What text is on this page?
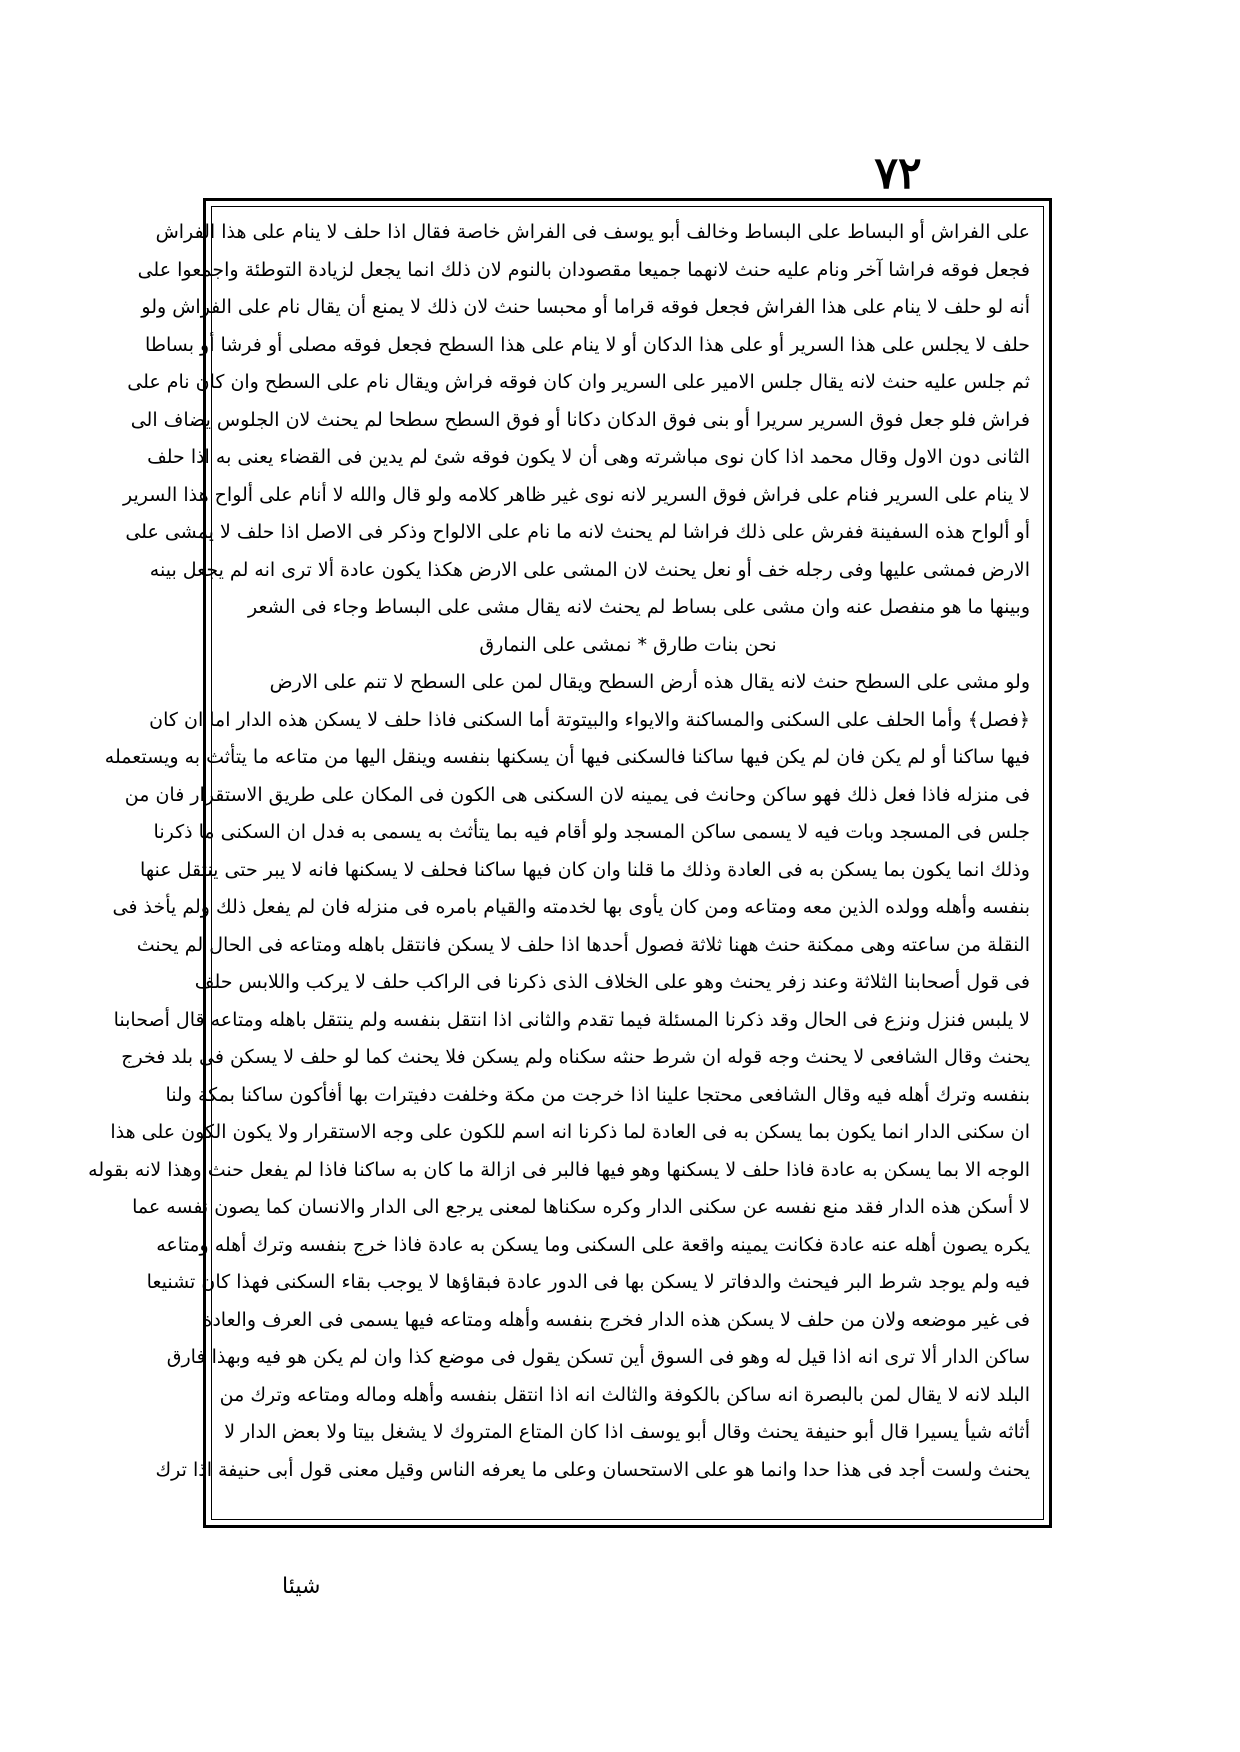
۷۲
على الفراش أو البساط على البساط وخالف أبو يوسف فى الفراش خاصة فقال اذا حلف لا ينام على هذا الفراش
فجعل فوقه فراشا آخر ونام عليه حنث لانهما جميعا مقصودان بالنوم لان ذلك انما يجعل لزيادة التوطئة واجمعوا على
أنه لو حلف لا ينام على هذا الفراش فجعل فوقه قراما أو محبسا حنث لان ذلك لا يمنع أن يقال نام على الفراش ولو
حلف لا يجلس على هذا السرير أو على هذا الدكان أو لا ينام على هذا السطح فجعل فوقه مصلى أو فرشا أو بساطا
ثم جلس عليه حنث لانه يقال جلس الامير على السرير وان كان فوقه فراش ويقال نام على السطح وان كان نام على
فراش فلو جعل فوق السرير سريرا أو بنى فوق الدكان دكانا أو فوق السطح سطحا لم يحنث لان الجلوس يضاف الى
الثانى دون الاول وقال محمد اذا كان نوى مباشرته وهى أن لا يكون فوقه شئ لم يدين فى القضاء يعنى به اذا حلف
لا ينام على السرير فنام على فراش فوق السرير لانه نوى غير ظاهر كلامه ولو قال والله لا أنام على ألواح هذا السرير
أو ألواح هذه السفينة ففرش على ذلك فراشا لم يحنث لانه ما نام على الالواح وذكر فى الاصل اذا حلف لا يمشى على
الارض فمشى عليها وفى رجله خف أو نعل يحنث لان المشى على الارض هكذا يكون عادة ألا ترى انه لم يجعل بينه
وبينها ما هو منفصل عنه وان مشى على بساط لم يحنث لانه يقال مشى على البساط وجاء فى الشعر
نحن بنات طارق * نمشى على النمارق
ولو مشى على السطح حنث لانه يقال هذه أرض السطح ويقال لمن على السطح لا تنم على الارض
﴿فصل﴾ وأما الحلف على السكنى والمساكنة والايواء والبيتوتة أما السكنى فاذا حلف لا يسكن هذه الدار اما ان كان
فيها ساكنا أو لم يكن فان لم يكن فيها ساكنا فالسكنى فيها أن يسكنها بنفسه وينقل اليها من متاعه ما يتأثث به ويستعمله
فى منزله فاذا فعل ذلك فهو ساكن وحانث فى يمينه لان السكنى هى الكون فى المكان على طريق الاستقرار فان من
جلس فى المسجد وبات فيه لا يسمى ساكن المسجد ولو أقام فيه بما يتأثث به يسمى به فدل ان السكنى ما ذكرنا
وذلك انما يكون بما يسكن به فى العادة وذلك ما قلنا وان كان فيها ساكنا فحلف لا يسكنها فانه لا يبر حتى ينتقل عنها
بنفسه وأهله وولده الذين معه ومتاعه ومن كان يأوى بها لخدمته والقيام بامره فى منزله فان لم يفعل ذلك ولم يأخذ فى
النقلة من ساعته وهى ممكنة حنث ههنا ثلاثة فصول أحدها اذا حلف لا يسكن فانتقل باهله ومتاعه فى الحال لم يحنث
فى قول أصحابنا الثلاثة وعند زفر يحنث وهو على الخلاف الذى ذكرنا فى الراكب حلف لا يركب واللابس حلف
لا يلبس فنزل ونزع فى الحال وقد ذكرنا المسئلة فيما تقدم والثانى اذا انتقل بنفسه ولم ينتقل باهله ومتاعه قال أصحابنا
يحنث وقال الشافعى لا يحنث وجه قوله ان شرط حنثه سكناه ولم يسكن فلا يحنث كما لو حلف لا يسكن فى بلد فخرج
بنفسه وترك أهله فيه وقال الشافعى محتجا علينا اذا خرجت من مكة وخلفت دفيترات بها أفأكون ساكنا بمكة ولنا
ان سكنى الدار انما يكون بما يسكن به فى العادة لما ذكرنا انه اسم للكون على وجه الاستقرار ولا يكون الكون على هذا
الوجه الا بما يسكن به عادة فاذا حلف لا يسكنها وهو فيها فالبر فى ازالة ما كان به ساكنا فاذا لم يفعل حنث وهذا لانه بقوله
لا أسكن هذه الدار فقد منع نفسه عن سكنى الدار وكره سكناها لمعنى يرجع الى الدار والانسان كما يصون نفسه عما
يكره يصون أهله عنه عادة فكانت يمينه واقعة على السكنى وما يسكن به عادة فاذا خرج بنفسه وترك أهله ومتاعه
فيه ولم يوجد شرط البر فيحنث والدفاتر لا يسكن بها فى الدور عادة فبقاؤها لا يوجب بقاء السكنى فهذا كان تشنيعا
فى غير موضعه ولان من حلف لا يسكن هذه الدار فخرج بنفسه وأهله ومتاعه فيها يسمى فى العرف والعادة
ساكن الدار ألا ترى انه اذا قيل له وهو فى السوق أين تسكن يقول فى موضع كذا وان لم يكن هو فيه وبهذا فارق
البلد لانه لا يقال لمن بالبصرة انه ساكن بالكوفة والثالث انه اذا انتقل بنفسه وأهله وماله ومتاعه وترك من
أثاثه شيأ يسيرا قال أبو حنيفة يحنث وقال أبو يوسف اذا كان المتاع المتروك لا يشغل بيتا ولا بعض الدار لا
يحنث ولست أجد فى هذا حدا وانما هو على الاستحسان وعلى ما يعرفه الناس وقيل معنى قول أبى حنيفة اذا ترك
شیئا
